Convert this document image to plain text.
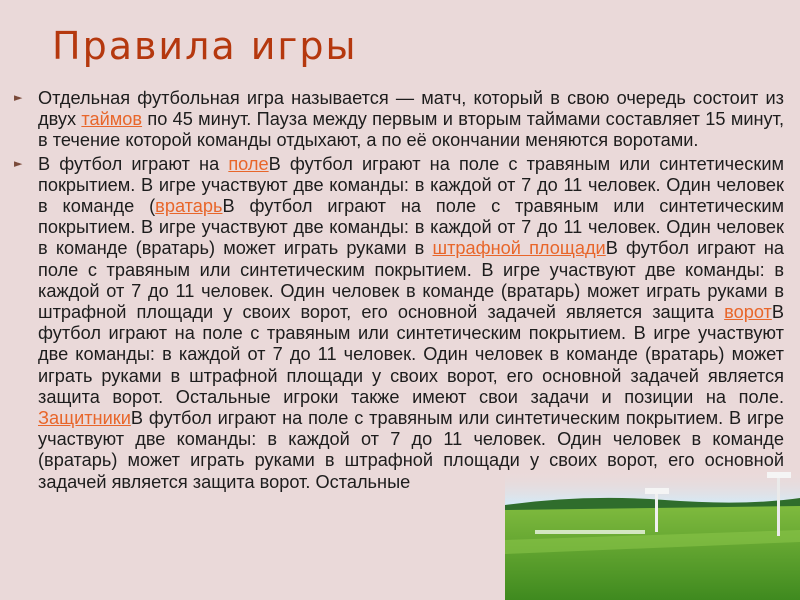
Правила игры
► Отдельная футбольная игра называется — матч, который в свою очередь состоит из двух таймов по 45 минут. Пауза между первым и вторым таймами составляет 15 минут, в течение которой команды отдыхают, а по её окончании меняются воротами.
► В футбол играют на полеВ футбол играют на поле с травяным или синтетическим покрытием. В игре участвуют две команды: в каждой от 7 до 11 человек. Один человек в команде (вратарьВ футбол играют на поле с травяным или синтетическим покрытием. В игре участвуют две команды: в каждой от 7 до 11 человек. Один человек в команде (вратарь) может играть руками в штрафной площадиВ футбол играют на поле с травяным или синтетическим покрытием. В игре участвуют две команды: в каждой от 7 до 11 человек. Один человек в команде (вратарь) может играть руками в штрафной площади у своих ворот, его основной задачей является защита воротВ футбол играют на поле с травяным или синтетическим покрытием. В игре участвуют две команды: в каждой от 7 до 11 человек. Один человек в команде (вратарь) может играть руками в штрафной площади у своих ворот, его основной задачей является защита ворот. Остальные игроки также имеют свои задачи и позиции на поле. ЗащитникиВ футбол играют на поле с травяным или синтетическим покрытием. В игре участвуют две команды: в каждой от 7 до 11 человек. Один человек в команде (вратарь) может играть руками в штрафной площади у своих ворот, его основной задачей является защита ворот. Остальные
